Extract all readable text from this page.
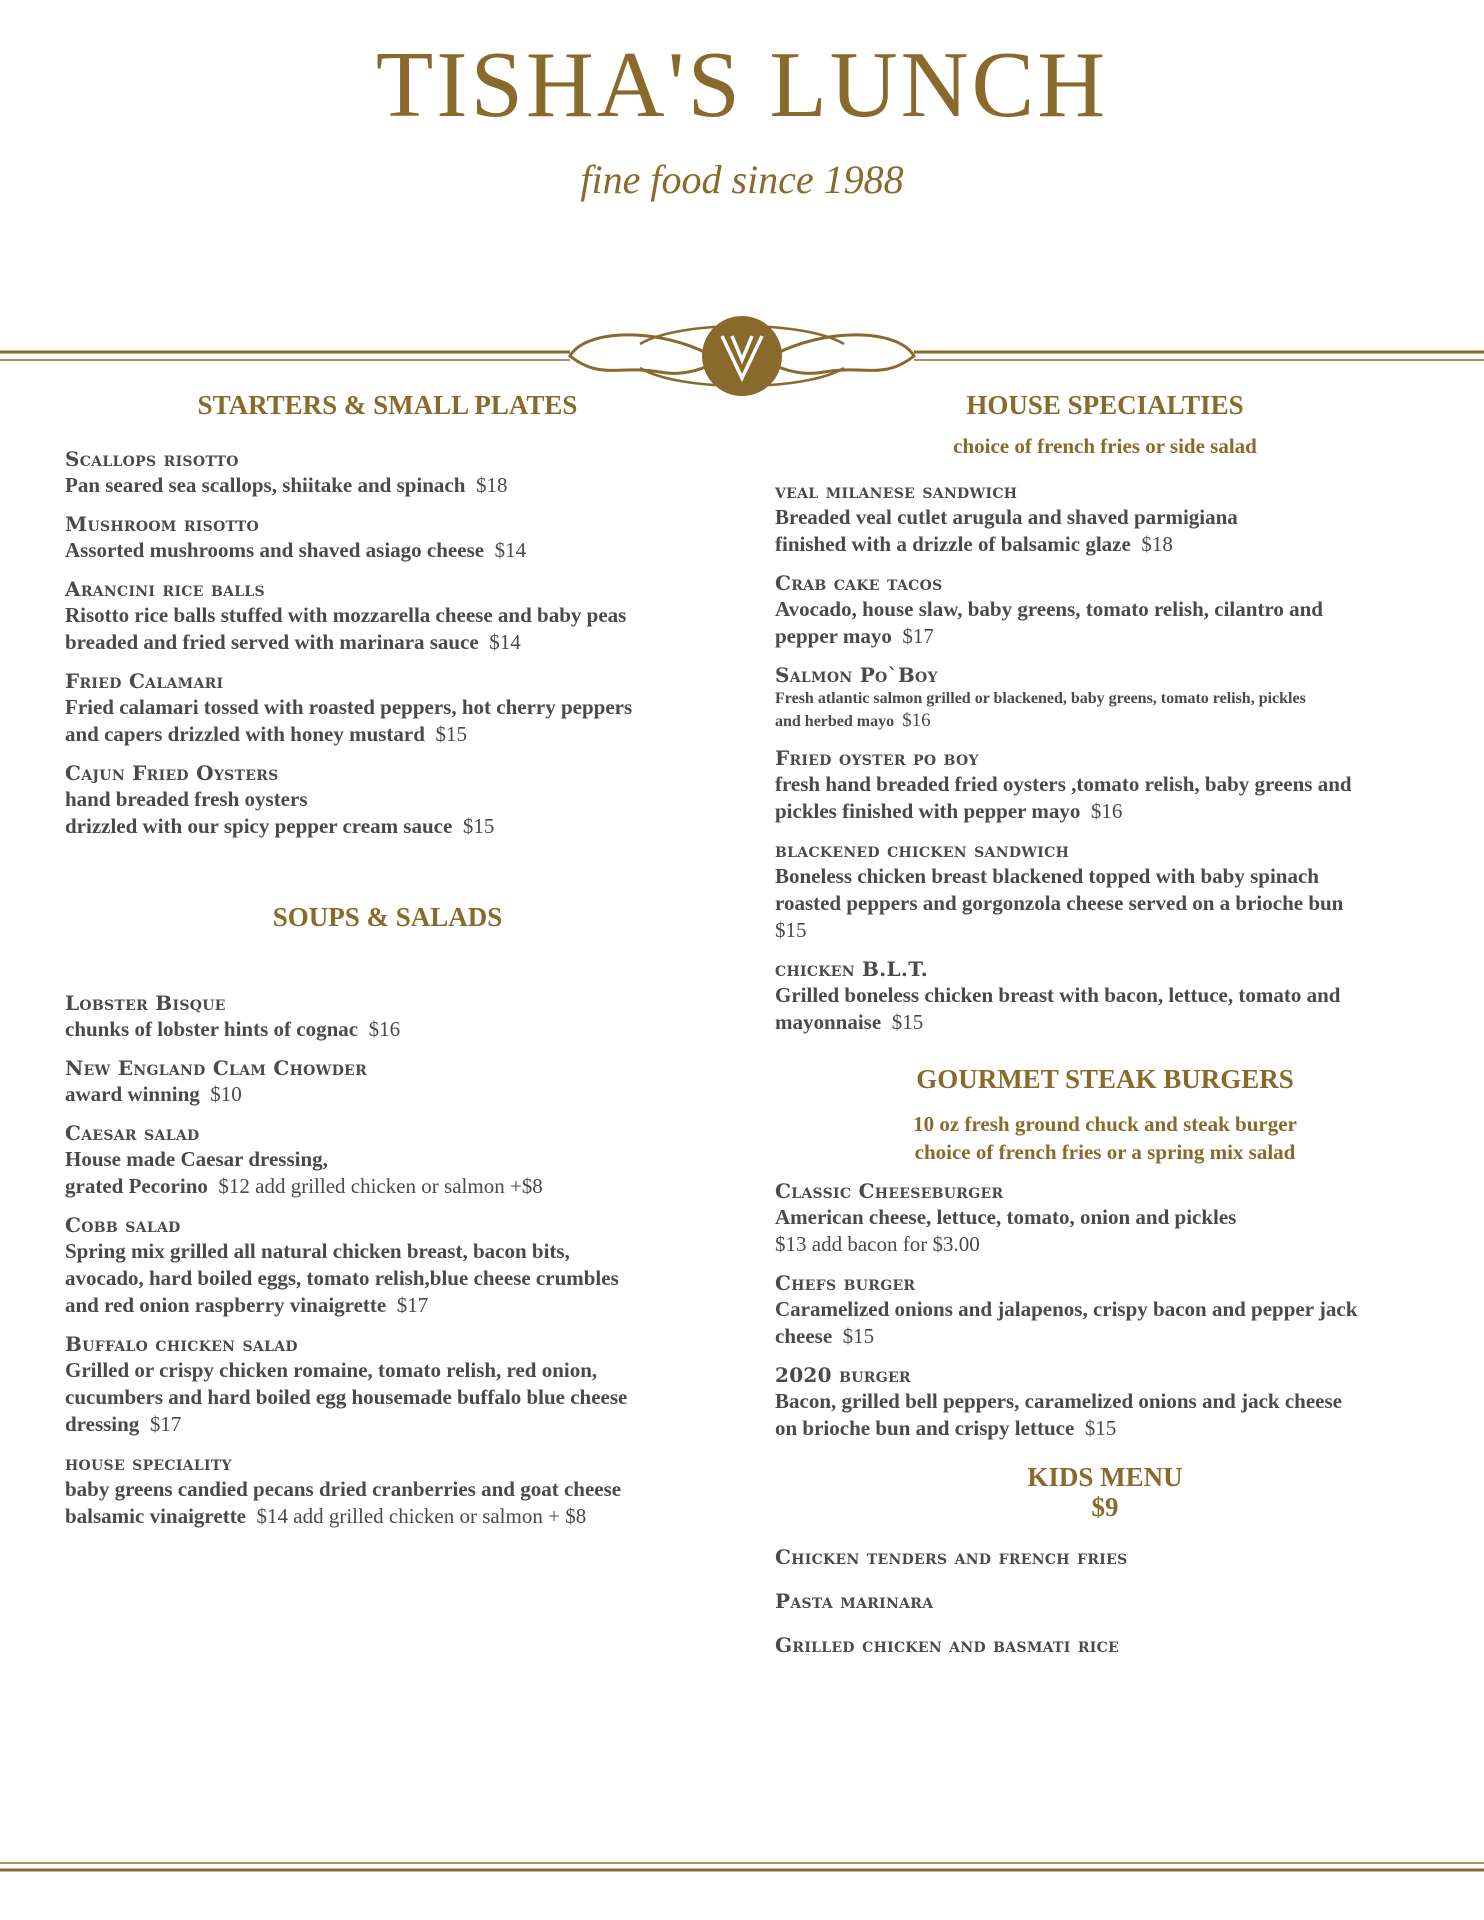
TISHA'S LUNCH
fine food since 1988
STARTERS & SMALL PLATES
Scallops risotto
Pan seared sea scallops, shiitake and spinach $18
Mushroom risotto
Assorted mushrooms and shaved asiago cheese $14
Arancini rice balls
Risotto rice balls stuffed with mozzarella cheese and baby peas
breaded and fried served with marinara sauce $14
Fried Calamari
Fried calamari tossed with roasted peppers, hot cherry peppers
and capers drizzled with honey mustard $15
Cajun Fried Oysters
hand breaded fresh oysters
drizzled with our spicy pepper cream sauce $15
SOUPS & SALADS
Lobster Bisque
chunks of lobster hints of cognac $16
New England Clam Chowder
award winning $10
Caesar salad
House made Caesar dressing,
grated Pecorino $12 add grilled chicken or salmon +$8
Cobb salad
Spring mix grilled all natural chicken breast, bacon bits,
avocado, hard boiled eggs, tomato relish,blue cheese crumbles
and red onion raspberry vinaigrette $17
Buffalo chicken salad
Grilled or crispy chicken romaine, tomato relish, red onion,
cucumbers and hard boiled egg housemade buffalo blue cheese
dressing $17
house speciality
baby greens candied pecans dried cranberries and goat cheese
balsamic vinaigrette $14 add grilled chicken or salmon + $8
HOUSE SPECIALTIES
choice of french fries or side salad
veal milanese sandwich
Breaded veal cutlet arugula and shaved parmigiana
finished with a drizzle of balsamic glaze $18
Crab cake tacos
Avocado, house slaw, baby greens, tomato relish, cilantro and
pepper mayo $17
Salmon Po`Boy
Fresh atlantic salmon grilled or blackened, baby greens, tomato relish, pickles
and herbed mayo $16
Fried oyster po boy
fresh hand breaded fried oysters ,tomato relish, baby greens and
pickles finished with pepper mayo $16
blackened chicken sandwich
Boneless chicken breast blackened topped with baby spinach
roasted peppers and gorgonzola cheese served on a brioche bun
$15
chicken B.L.T.
Grilled boneless chicken breast with bacon, lettuce, tomato and
mayonnaise $15
GOURMET STEAK BURGERS
10 oz fresh ground chuck and steak burger
choice of french fries or a spring mix salad
Classic Cheeseburger
American cheese, lettuce, tomato, onion and pickles
$13 add bacon for $3.00
Chefs burger
Caramelized onions and jalapenos, crispy bacon and pepper jack
cheese $15
2020 burger
Bacon, grilled bell peppers, caramelized onions and jack cheese
on brioche bun and crispy lettuce $15
KIDS MENU
$9
Chicken tenders and french fries
Pasta marinara
Grilled chicken and basmati rice
